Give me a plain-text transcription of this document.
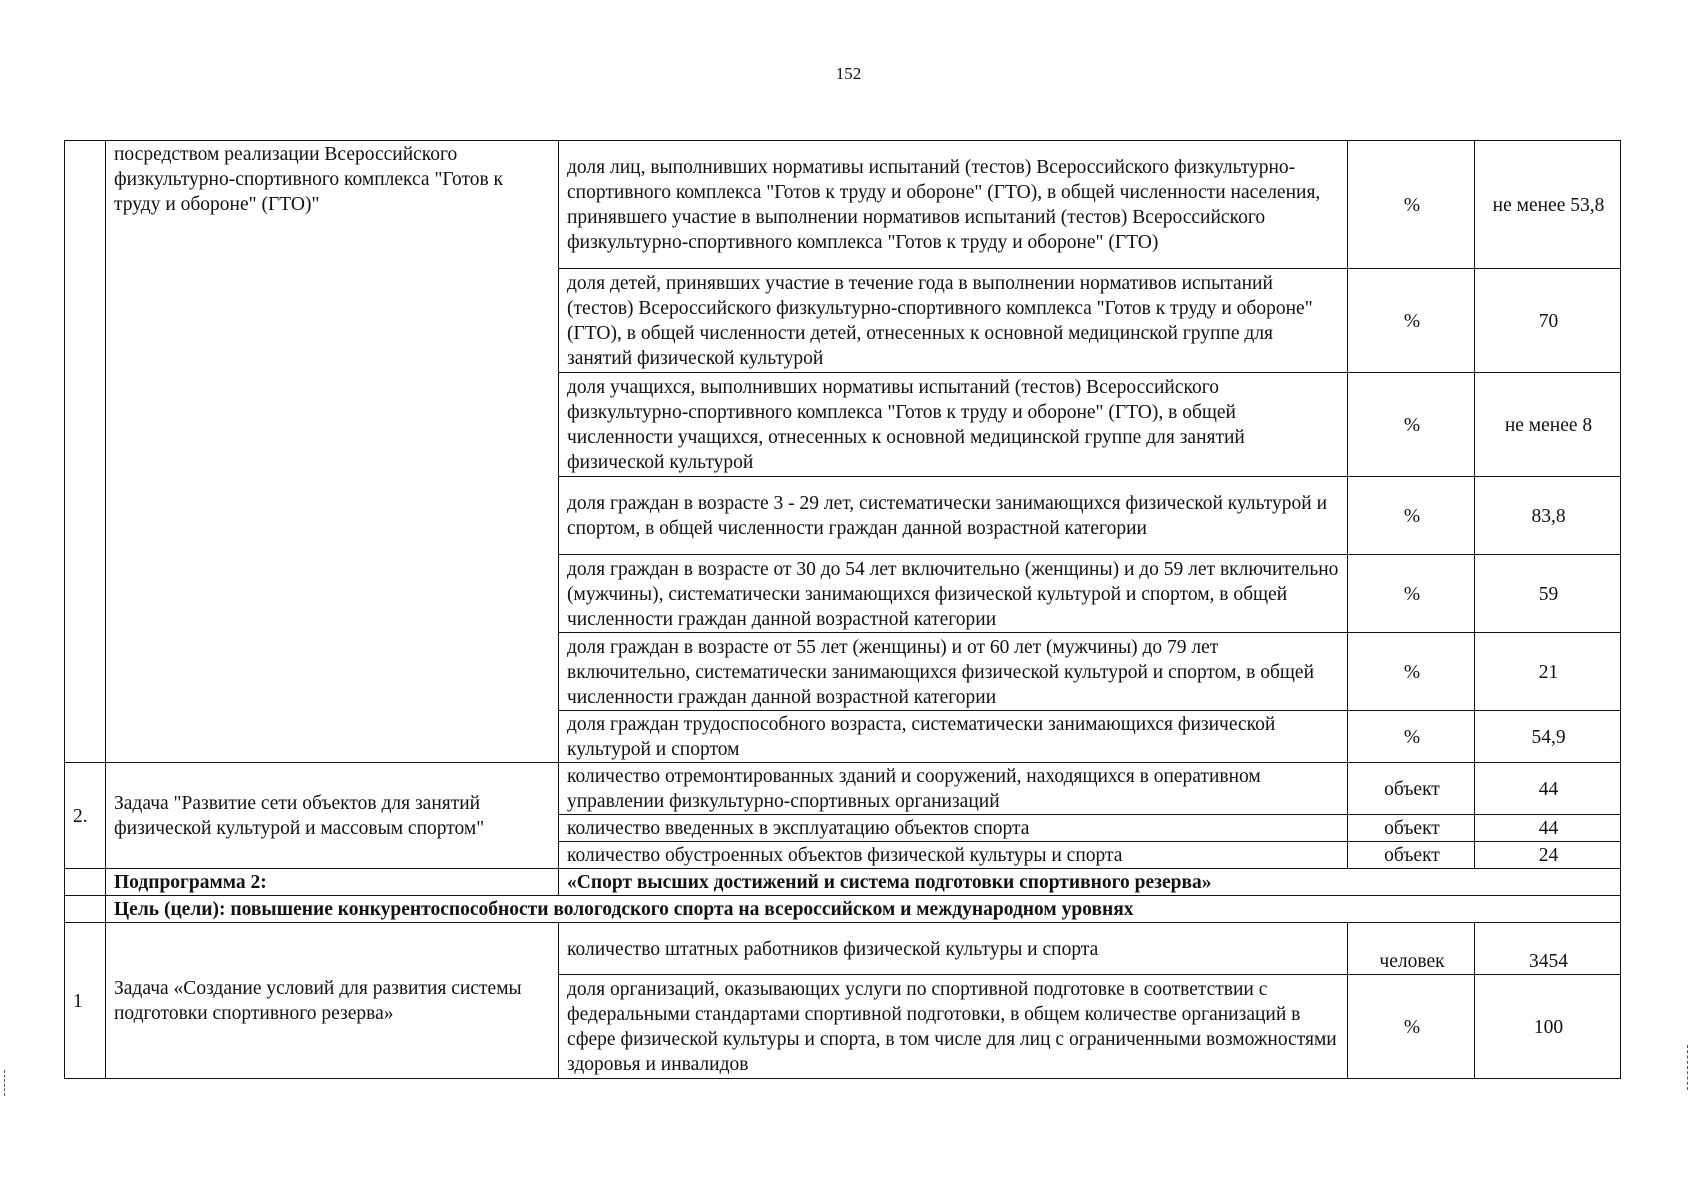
152
	посредством реализации Всероссийского физкультурно-спортивного комплекса "Готов к труду и обороне" (ГТО)"	доля лиц, выполнивших нормативы испытаний (тестов) Всероссийского физкультурно-спортивного комплекса "Готов к труду и обороне" (ГТО), в общей численности населения, принявшего участие в выполнении нормативов испытаний (тестов) Всероссийского физкультурно-спортивного комплекса "Готов к труду и обороне" (ГТО)	%	не менее 53,8
		доля детей, принявших участие в течение года в выполнении нормативов испытаний (тестов) Всероссийского физкультурно-спортивного комплекса "Готов к труду и обороне" (ГТО), в общей численности детей, отнесенных к основной медицинской группе для занятий физической культурой	%	70
		доля учащихся, выполнивших нормативы испытаний (тестов) Всероссийского физкультурно-спортивного комплекса "Готов к труду и обороне" (ГТО), в общей численности учащихся, отнесенных к основной медицинской группе для занятий физической культурой	%	не менее 8
		доля граждан в возрасте 3 - 29 лет, систематически занимающихся физической культурой и спортом, в общей численности граждан данной возрастной категории	%	83,8
		доля граждан в возрасте от 30 до 54 лет включительно (женщины) и до 59 лет включительно (мужчины), систематически занимающихся физической культурой и спортом, в общей численности граждан данной возрастной категории	%	59
		доля граждан в возрасте от 55 лет (женщины) и от 60 лет (мужчины) до 79 лет включительно, систематически занимающихся физической культурой и спортом, в общей численности граждан данной возрастной категории	%	21
		доля граждан трудоспособного возраста, систематически занимающихся физической культурой и спортом	%	54,9
2.	Задача "Развитие сети объектов для занятий физической культурой и массовым спортом"	количество отремонтированных зданий и сооружений, находящихся в оперативном управлении физкультурно-спортивных организаций	объект	44
		количество введенных в эксплуатацию объектов спорта	объект	44
		количество обустроенных объектов физической культуры и спорта	объект	24
	Подпрограмма 2:	«Спорт высших достижений и система подготовки спортивного резерва»		
	Цель (цели): повышение конкурентоспособности вологодского спорта на всероссийском и международном уровнях			
1	Задача «Создание условий для развития системы подготовки спортивного резерва»	количество штатных работников физической культуры и спорта	человек	3454
		доля организаций, оказывающих услуги по спортивной подготовке в соответствии с федеральными стандартами спортивной подготовки, в общем количестве организаций в сфере физической культуры и спорта, в том числе для лиц с ограниченными возможностями здоровья и инвалидов	%	100
